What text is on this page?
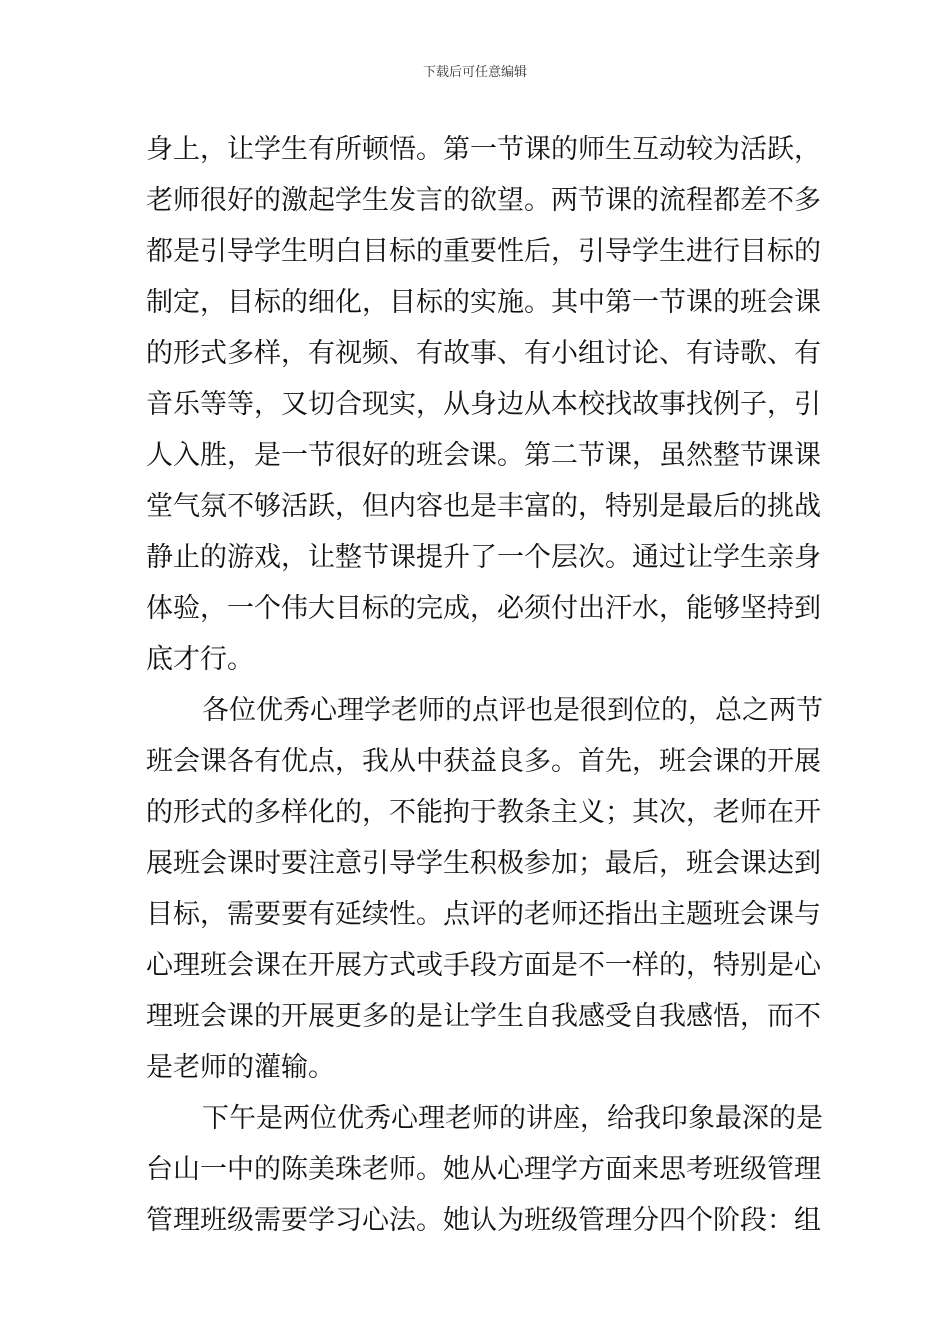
下载后可任意编辑
身上，让学生有所顿悟。第一节课的师生互动较为活跃，
老师很好的激起学生发言的欲望。两节课的流程都差不多
都是引导学生明白目标的重要性后，引导学生进行目标的
制定，目标的细化，目标的实施。其中第一节课的班会课
的形式多样，有视频、有故事、有小组讨论、有诗歌、有
音乐等等，又切合现实，从身边从本校找故事找例子，引
人入胜，是一节很好的班会课。第二节课，虽然整节课课
堂气氛不够活跃，但内容也是丰富的，特别是最后的挑战
静止的游戏，让整节课提升了一个层次。通过让学生亲身
体验，一个伟大目标的完成，必须付出汗水，能够坚持到
底才行。
各位优秀心理学老师的点评也是很到位的，总之两节
班会课各有优点，我从中获益良多。首先，班会课的开展
的形式的多样化的，不能拘于教条主义；其次，老师在开
展班会课时要注意引导学生积极参加；最后，班会课达到
目标，需要要有延续性。点评的老师还指出主题班会课与
心理班会课在开展方式或手段方面是不一样的，特别是心
理班会课的开展更多的是让学生自我感受自我感悟，而不
是老师的灌输。
下午是两位优秀心理老师的讲座，给我印象最深的是
台山一中的陈美珠老师。她从心理学方面来思考班级管理
管理班级需要学习心法。她认为班级管理分四个阶段：组
